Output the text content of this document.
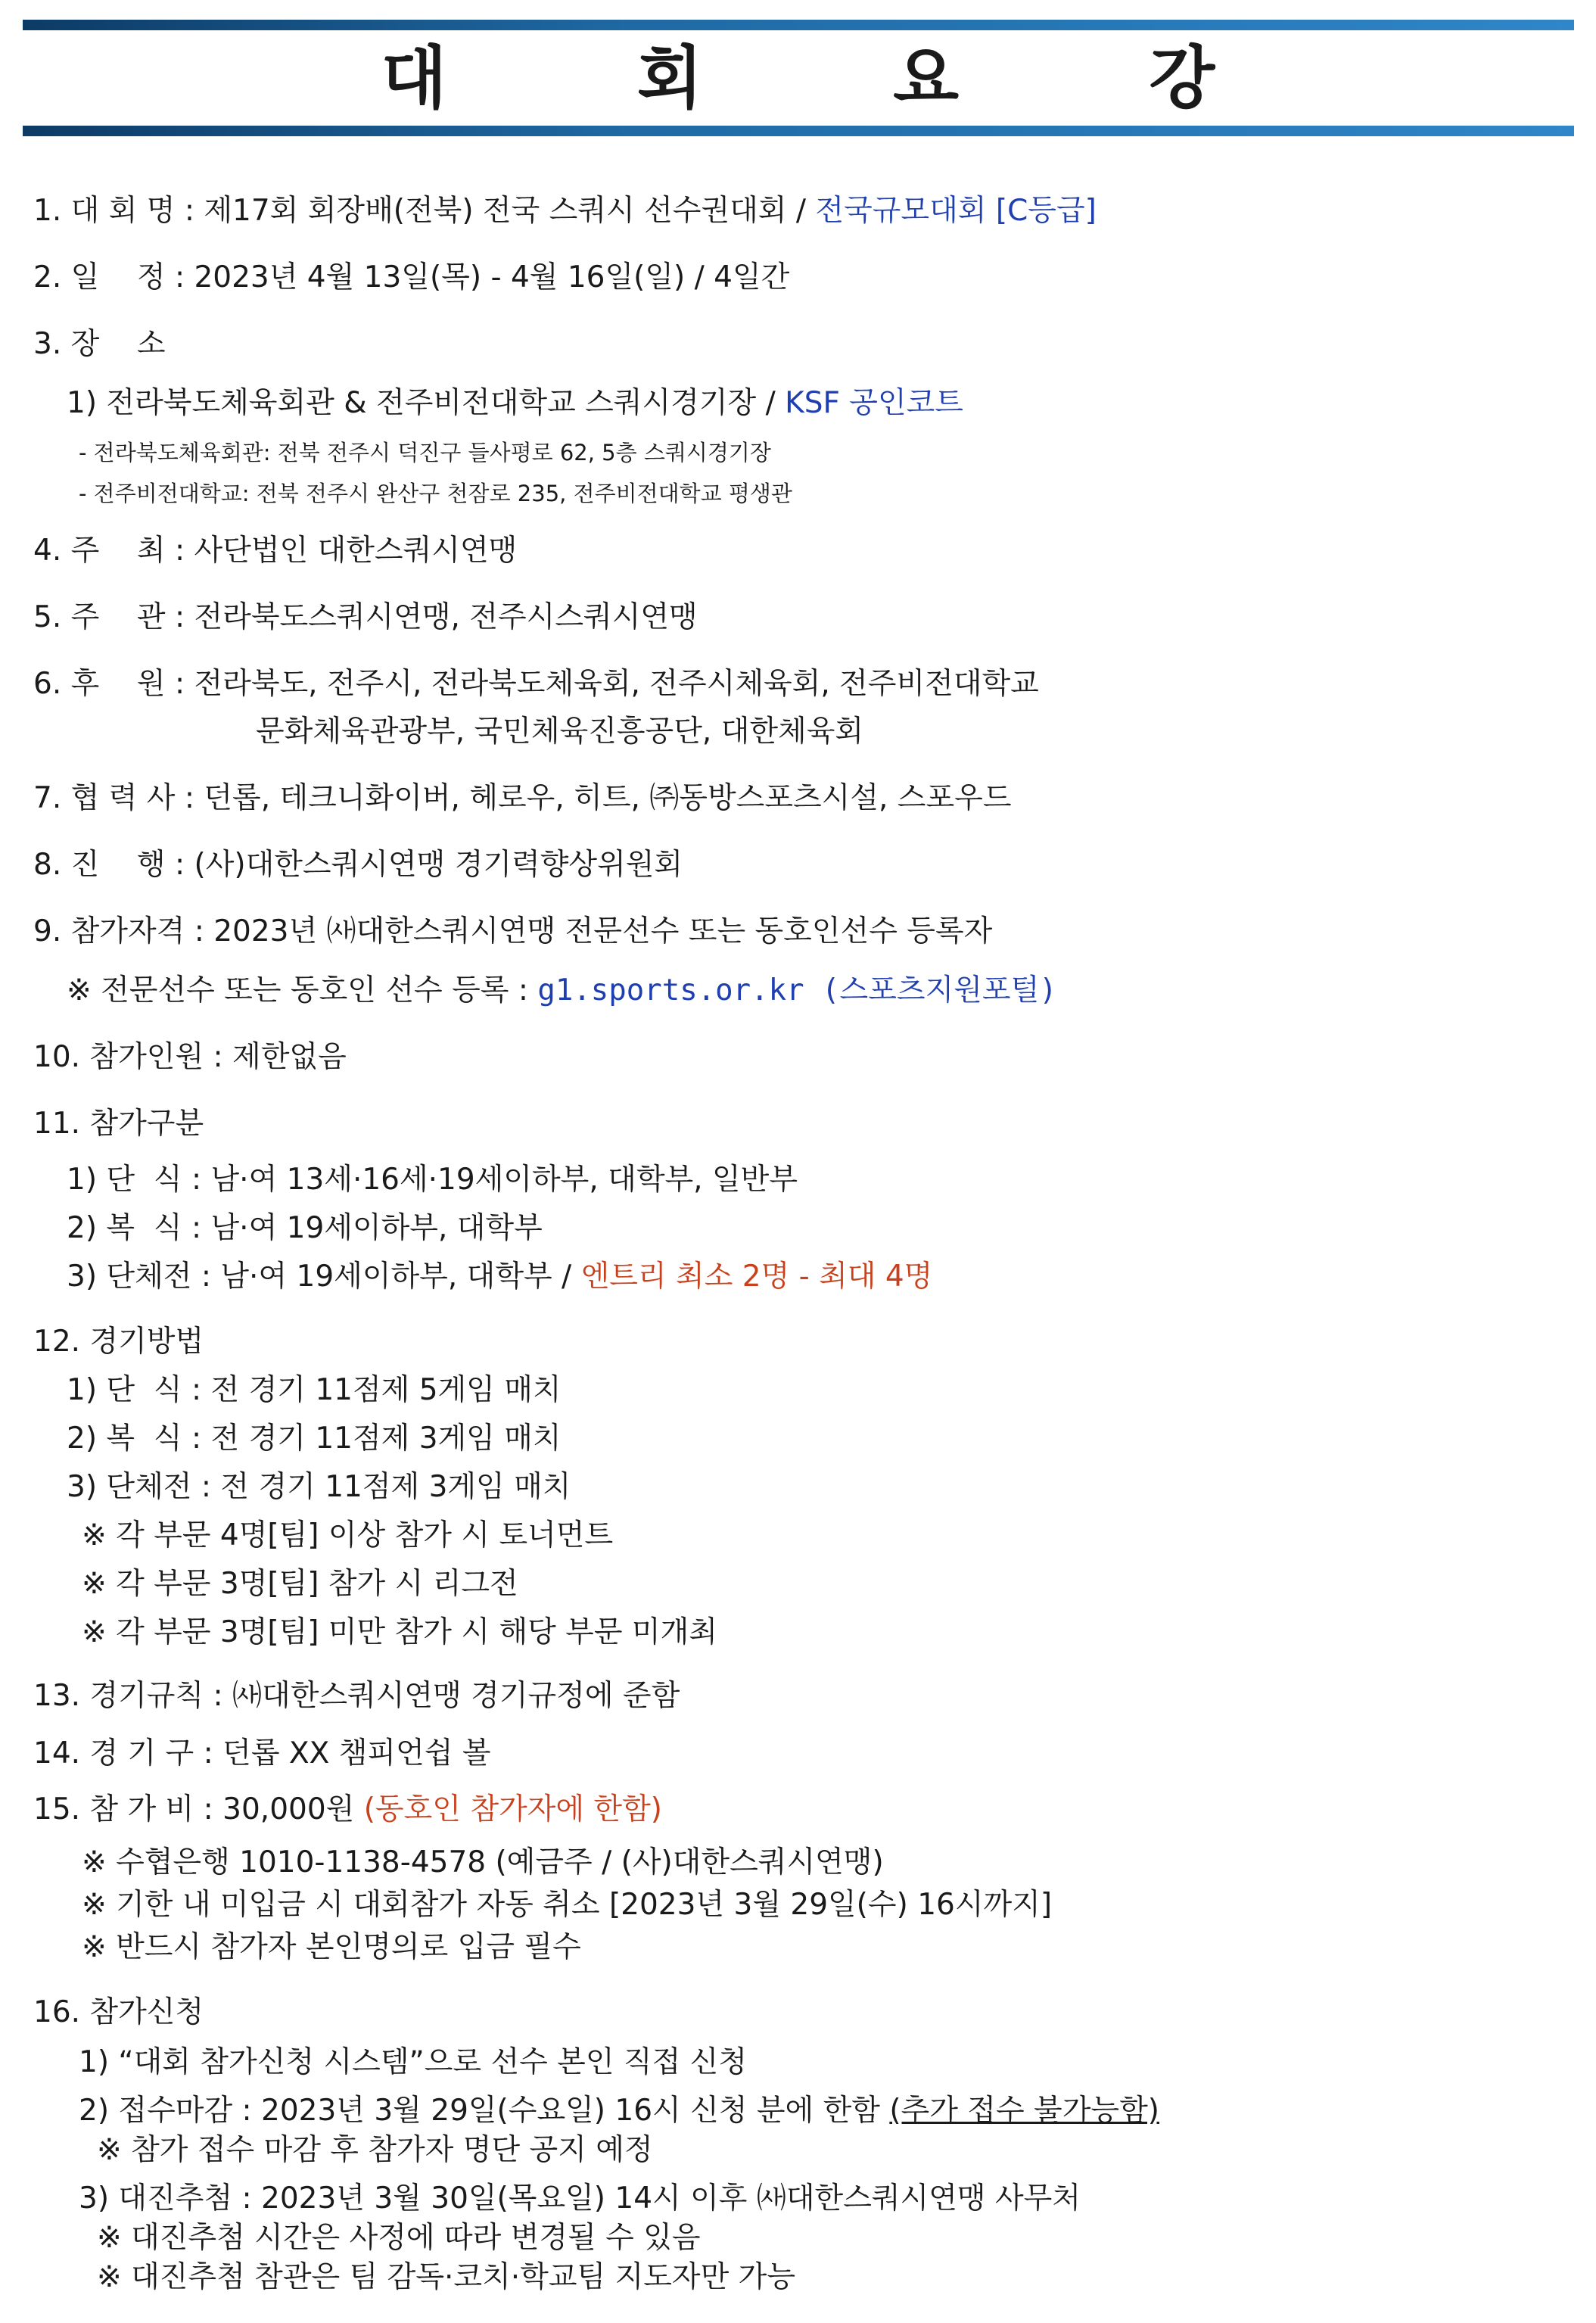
대 회 요 강
1. 대 회 명 : 제17회 회장배(전북) 전국 스쿼시 선수권대회 / 전국규모대회 [C등급]
2. 일    정 : 2023년 4월 13일(목) - 4월 16일(일) / 4일간
3. 장    소
1) 전라북도체육회관 & 전주비전대학교 스쿼시경기장 / KSF 공인코트
- 전라북도체육회관: 전북 전주시 덕진구 들사평로 62, 5층 스쿼시경기장
- 전주비전대학교: 전북 전주시 완산구 천잠로 235, 전주비전대학교 평생관
4. 주    최 : 사단법인 대한스쿼시연맹
5. 주    관 : 전라북도스쿼시연맹, 전주시스쿼시연맹
6. 후    원 : 전라북도, 전주시, 전라북도체육회, 전주시체육회, 전주비전대학교
문화체육관광부, 국민체육진흥공단, 대한체육회
7. 협 력 사 : 던롭, 테크니화이버, 헤로우, 히트, ㈜동방스포츠시설, 스포우드
8. 진    행 : (사)대한스쿼시연맹 경기력향상위원회
9. 참가자격 : 2023년 ㈔대한스쿼시연맹 전문선수 또는 동호인선수 등록자
※ 전문선수 또는 동호인 선수 등록 : g1.sports.or.kr (스포츠지원포털)
10. 참가인원 : 제한없음
11. 참가구분
1) 단  식 : 남·여 13세·16세·19세이하부, 대학부, 일반부
2) 복  식 : 남·여 19세이하부, 대학부
3) 단체전 : 남·여 19세이하부, 대학부 / 엔트리 최소 2명 - 최대 4명
12. 경기방법
1) 단  식 : 전 경기 11점제 5게임 매치
2) 복  식 : 전 경기 11점제 3게임 매치
3) 단체전 : 전 경기 11점제 3게임 매치
※ 각 부문 4명[팀] 이상 참가 시 토너먼트
※ 각 부문 3명[팀] 참가 시 리그전
※ 각 부문 3명[팀] 미만 참가 시 해당 부문 미개최
13. 경기규칙 : ㈔대한스쿼시연맹 경기규정에 준함
14. 경 기 구 : 던롭 XX 챔피언쉽 볼
15. 참 가 비 : 30,000원 (동호인 참가자에 한함)
※ 수협은행 1010-1138-4578 (예금주 / (사)대한스쿼시연맹)
※ 기한 내 미입금 시 대회참가 자동 취소 [2023년 3월 29일(수) 16시까지]
※ 반드시 참가자 본인명의로 입금 필수
16. 참가신청
1) “대회 참가신청 시스템”으로 선수 본인 직접 신청
2) 접수마감 : 2023년 3월 29일(수요일) 16시 신청 분에 한함 (추가 접수 불가능함)
※ 참가 접수 마감 후 참가자 명단 공지 예정
3) 대진추첨 : 2023년 3월 30일(목요일) 14시 이후 ㈔대한스쿼시연맹 사무처
※ 대진추첨 시간은 사정에 따라 변경될 수 있음
※ 대진추첨 참관은 팀 감독·코치·학교팀 지도자만 가능
